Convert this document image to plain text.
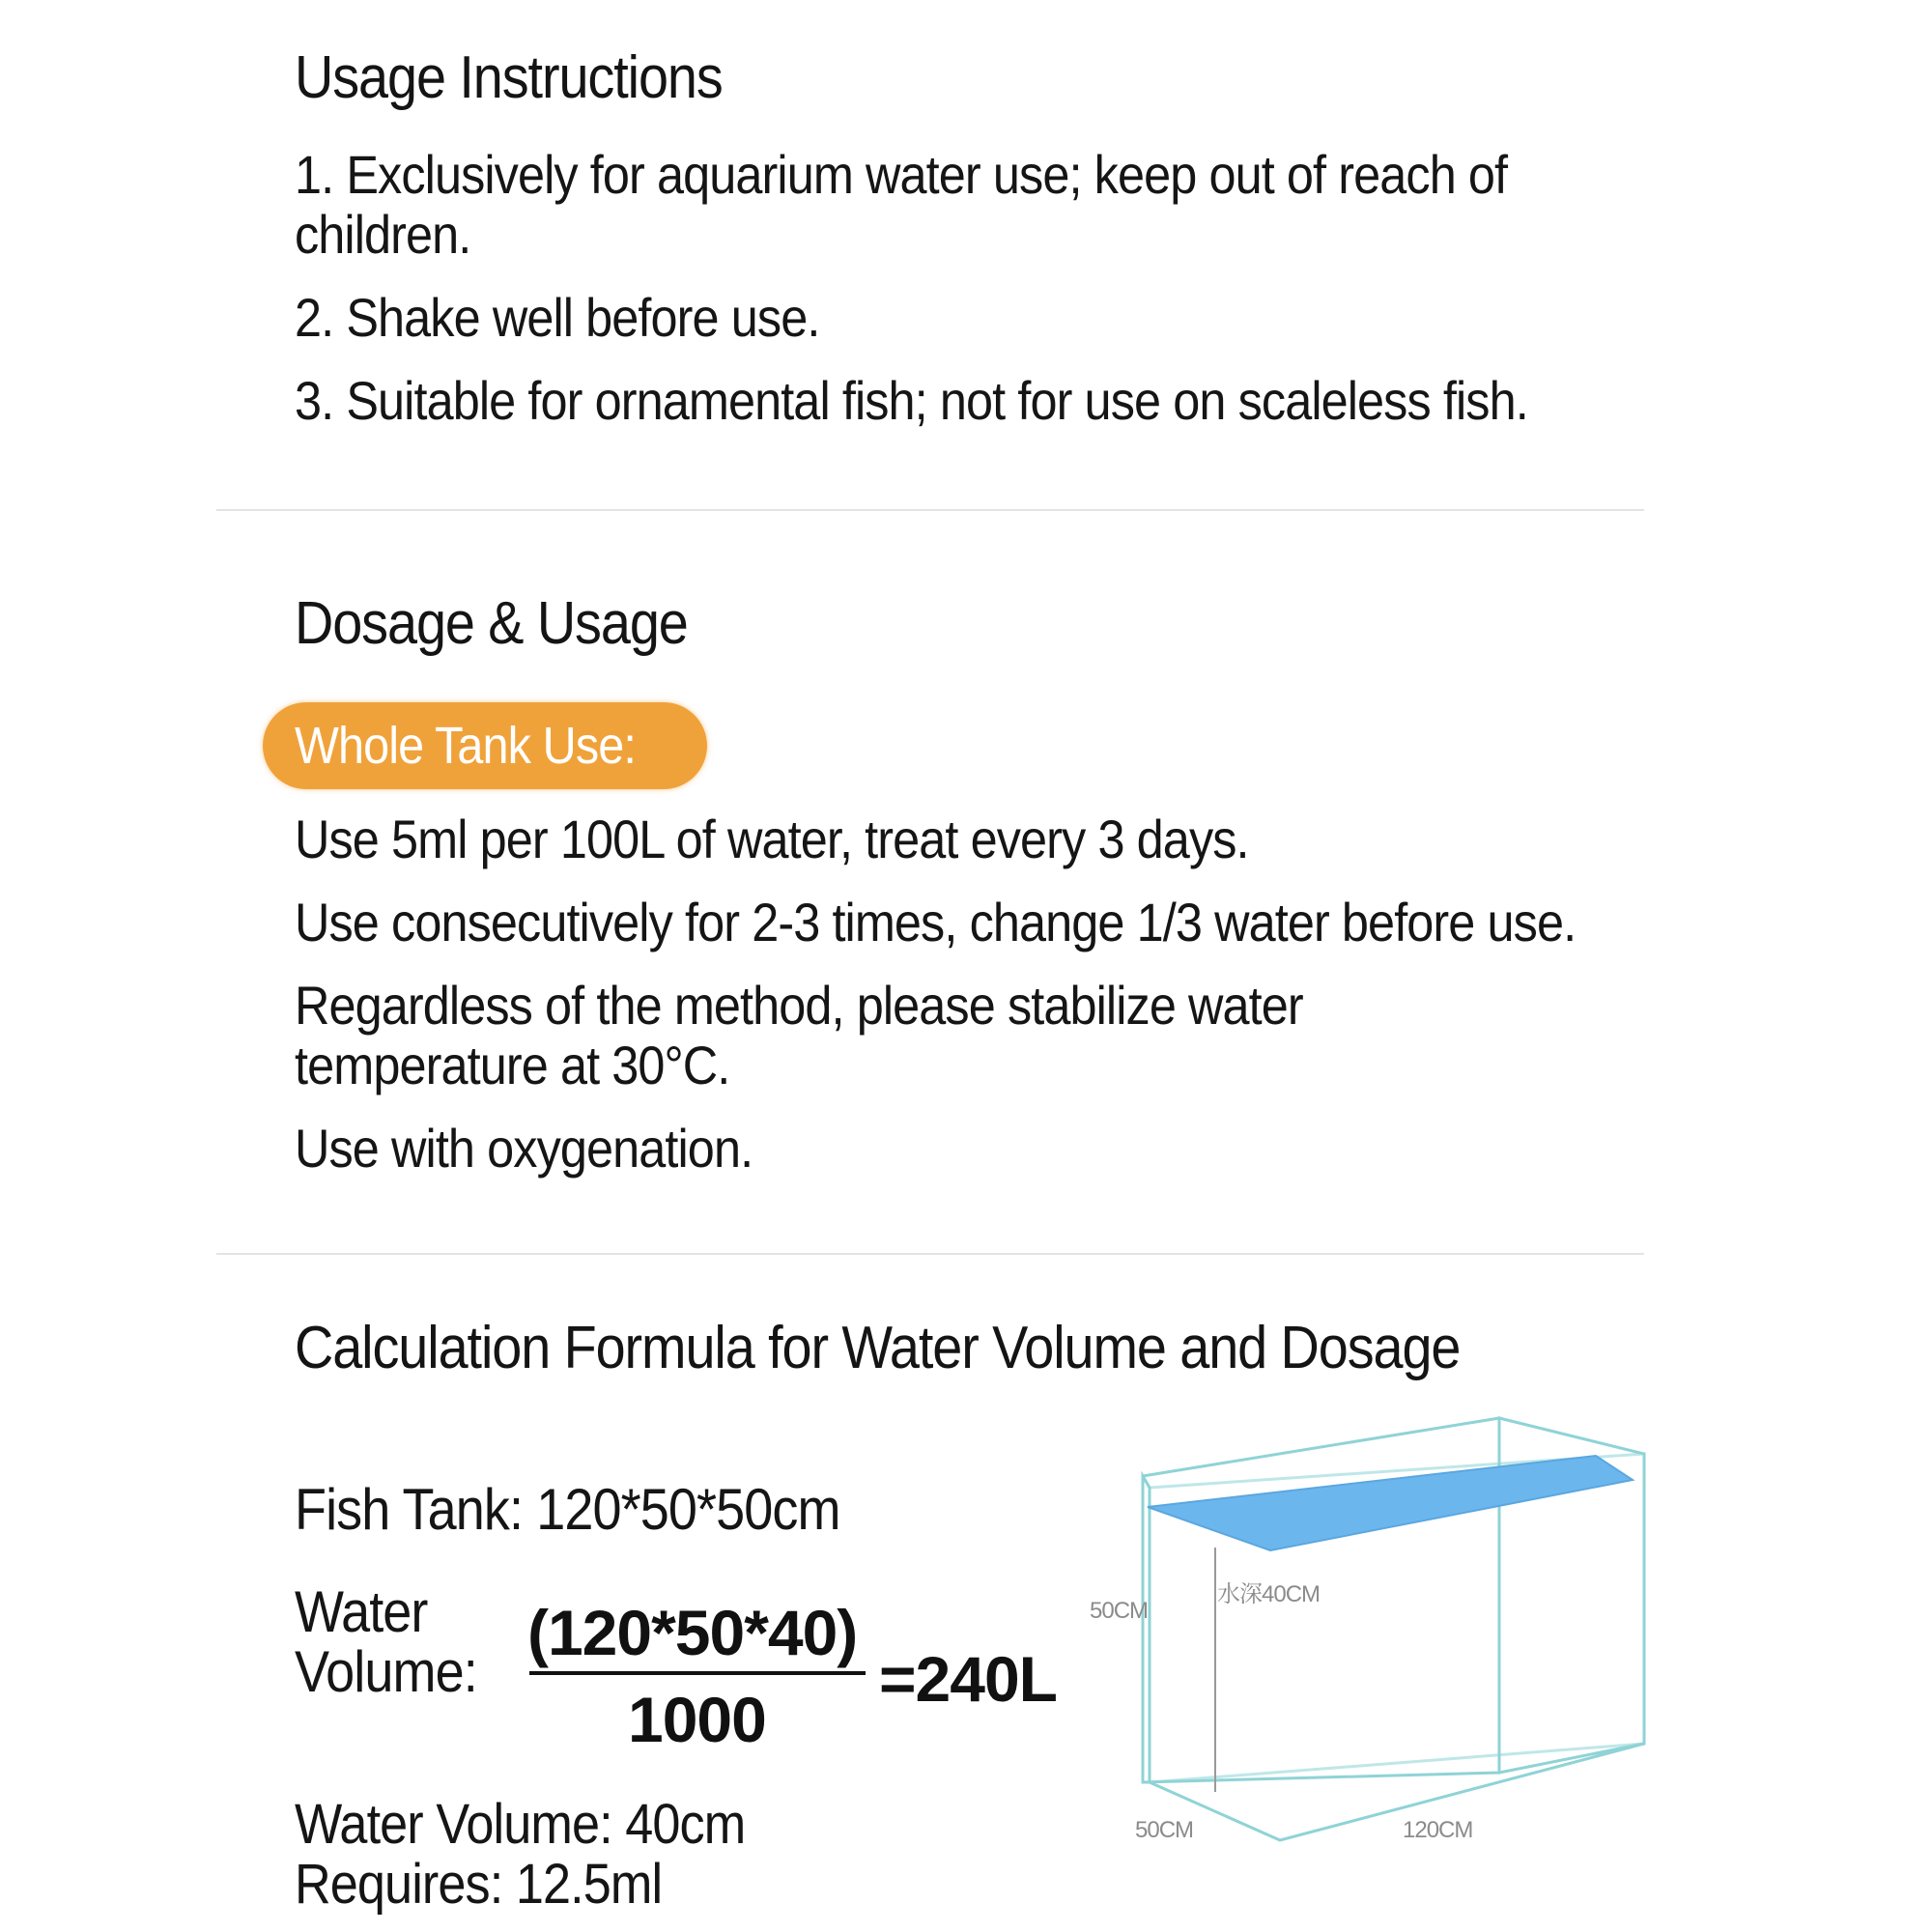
Usage Instructions
1. Exclusively for aquarium water use; keep out of reach of
children.
2. Shake well before use.
3. Suitable for ornamental fish; not for use on scaleless fish.
Dosage & Usage
Whole Tank Use:
Use 5ml per 100L of water, treat every 3 days.
Use consecutively for 2-3 times, change 1/3 water before use.
Regardless of the method, please stabilize water
temperature at 30°C.
Use with oxygenation.
Calculation Formula for Water Volume and Dosage
Fish Tank: 120*50*50cm
Water
Volume:
(120*50*40)
1000
=240L
Water Volume: 40cm
Requires: 12.5ml
50CM
水深40CM
50CM	120CM
